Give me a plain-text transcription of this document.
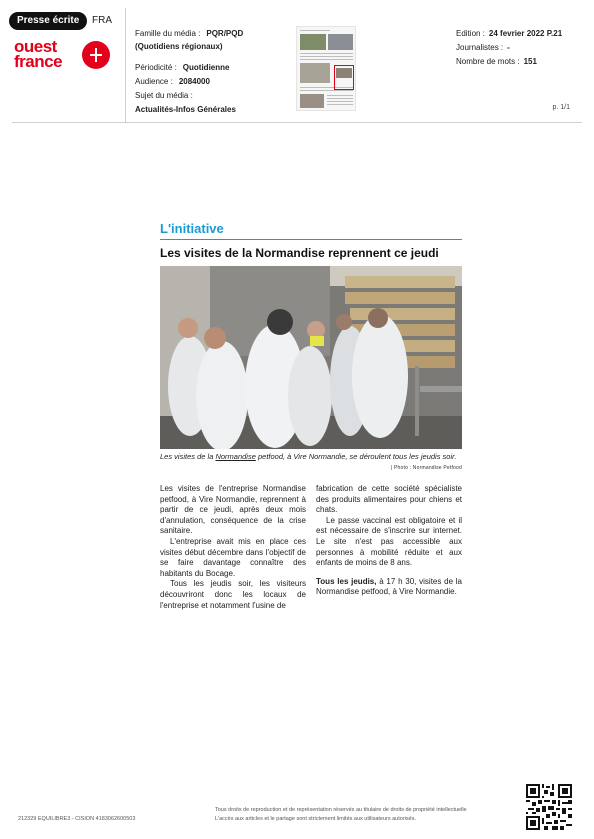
Presse écrite	FRA
ouest
france
Famille du média : PQR/PQD
(Quotidiens régionaux)
Périodicité : Quotidienne
Audience : 2084000
Sujet du média :
Actualités-Infos Générales
Edition : 24 fevrier 2022 P.21
Journalistes : -
Nombre de mots : 151
p. 1/1
L'initiative
Les visites de la Normandise reprennent ce jeudi
Les visites de la Normandise petfood, à Vire Normandie, se déroulent tous les jeudis soir.
| Photo : Normandise Petfood

Les visites de l'entreprise Normandise petfood, à Vire Normandie, reprennent à partir de ce jeudi, après deux mois d'annulation, conséquence de la crise sanitaire.

L'entreprise avait mis en place ces visites début décembre dans l'objectif de se faire davantage connaître des habitants du Bocage.

Tous les jeudis soir, les visiteurs découvriront donc les locaux de l'entreprise et notamment l'usine de

fabrication de cette société spécialiste des produits alimentaires pour chiens et chats.

Le passe vaccinal est obligatoire et il est nécessaire de s'inscrire sur internet. Le site n'est pas accessible aux personnes à mobilité réduite et aux enfants de moins de 8 ans.

Tous les jeudis, à 17 h 30, visites de la Normandise petfood, à Vire Normandie.

212329 EQUILIBRE3 - CISION 4183062600503
Tous droits de reproduction et de représentation réservés au titulaire de droits de propriété intellectuelle
L'accès aux articles et le partage sont strictement limités aux utilisateurs autorisés.
